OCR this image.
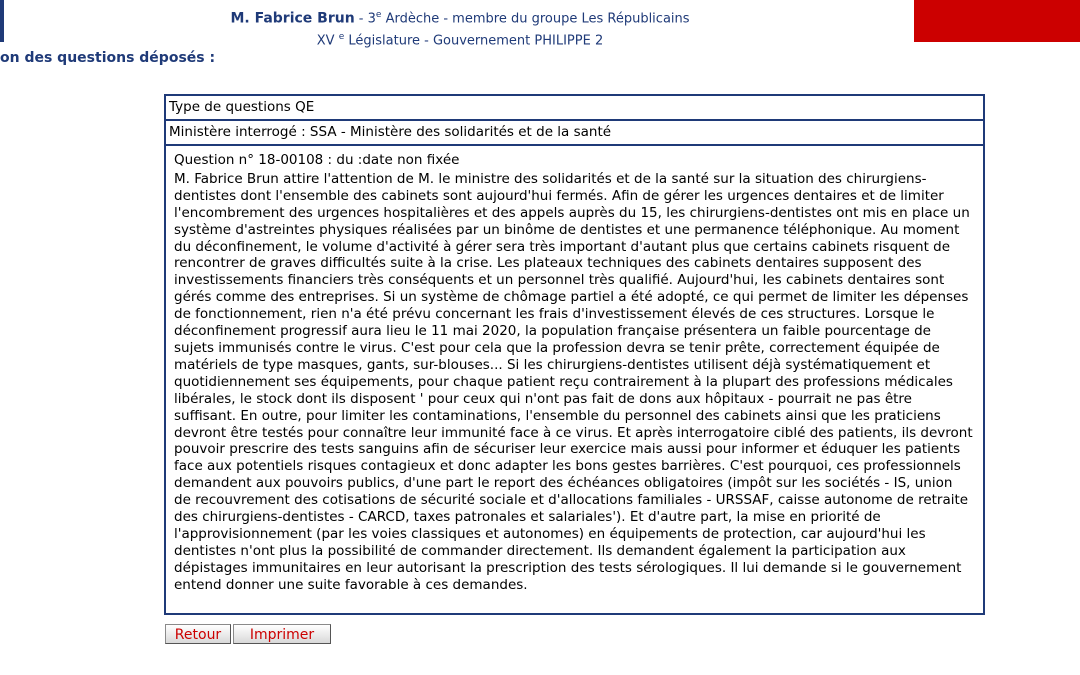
M. Fabrice Brun - 3e Ardèche - membre du groupe Les Républicains
XV $^e$ Législature - Gouvernement PHILIPPE 2
on des questions déposés :
Type de questions QE
Ministère interrogé : SSA - Ministère des solidarités et de la santé
Question n° 18-00108 : du :date non fixée
M. Fabrice Brun attire l'attention de M. le ministre des solidarités et de la santé sur la situation des chirurgiens-dentistes dont l'ensemble des cabinets sont aujourd'hui fermés. Afin de gérer les urgences dentaires et de limiter l'encombrement des urgences hospitalières et des appels auprès du 15, les chirurgiens-dentistes ont mis en place un système d'astreintes physiques réalisées par un binôme de dentistes et une permanence téléphonique. Au moment du déconfinement, le volume d'activité à gérer sera très important d'autant plus que certains cabinets risquent de rencontrer de graves difficultés suite à la crise. Les plateaux techniques des cabinets dentaires supposent des investissements financiers très conséquents et un personnel très qualifié. Aujourd'hui, les cabinets dentaires sont gérés comme des entreprises. Si un système de chômage partiel a été adopté, ce qui permet de limiter les dépenses de fonctionnement, rien n'a été prévu concernant les frais d'investissement élevés de ces structures. Lorsque le déconfinement progressif aura lieu le 11 mai 2020, la population française présentera un faible pourcentage de sujets immunisés contre le virus. C'est pour cela que la profession devra se tenir prête, correctement équipée de matériels de type masques, gants, sur-blouses... Si les chirurgiens-dentistes utilisent déjà systématiquement et quotidiennement ses équipements, pour chaque patient reçu contrairement à la plupart des professions médicales libérales, le stock dont ils disposent ' pour ceux qui n'ont pas fait de dons aux hôpitaux - pourrait ne pas être suffisant. En outre, pour limiter les contaminations, l'ensemble du personnel des cabinets ainsi que les praticiens devront être testés pour connaître leur immunité face à ce virus. Et après interrogatoire ciblé des patients, ils devront pouvoir prescrire des tests sanguins afin de sécuriser leur exercice mais aussi pour informer et éduquer les patients face aux potentiels risques contagieux et donc adapter les bons gestes barrières. C'est pourquoi, ces professionnels demandent aux pouvoirs publics, d'une part le report des échéances obligatoires (impôt sur les sociétés - IS, union de recouvrement des cotisations de sécurité sociale et d'allocations familiales - URSSAF, caisse autonome de retraite des chirurgiens-dentistes - CARCD, taxes patronales et salariales'). Et d'autre part, la mise en priorité de l'approvisionnement (par les voies classiques et autonomes) en équipements de protection, car aujourd'hui les dentistes n'ont plus la possibilité de commander directement. Ils demandent également la participation aux dépistages immunitaires en leur autorisant la prescription des tests sérologiques. Il lui demande si le gouvernement entend donner une suite favorable à ces demandes.
Retour Imprimer
